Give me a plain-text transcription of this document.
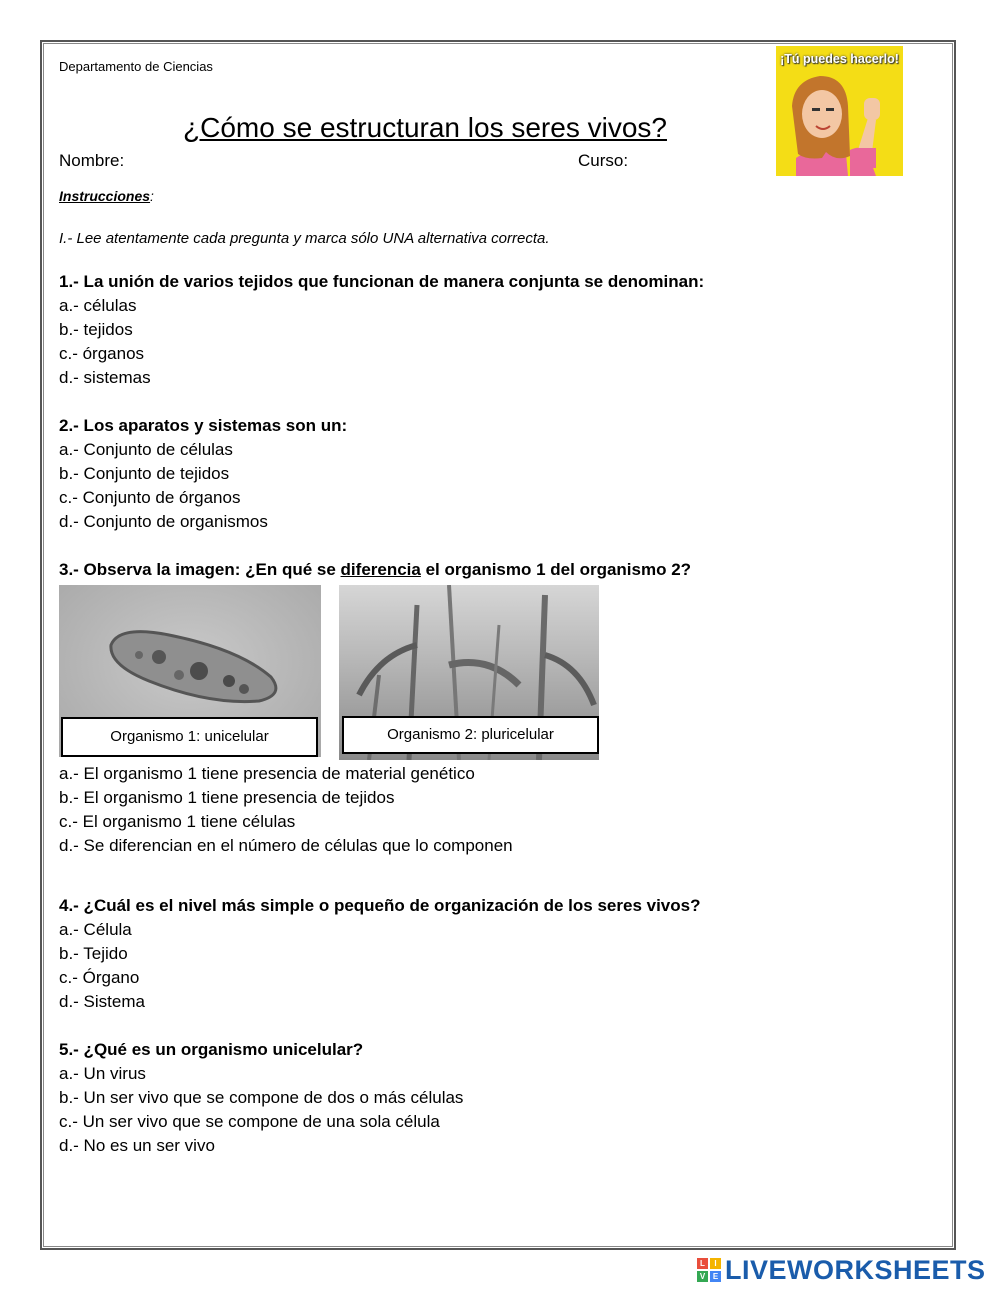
Departamento de Ciencias
¿Cómo se estructuran los seres vivos?
Nombre:	Curso:
¡Tú puedes hacerlo!
Instrucciones:
I.- Lee atentamente cada pregunta y marca sólo UNA alternativa correcta.
1.- La unión de varios tejidos que funcionan de manera conjunta se denominan:
a.- células
b.- tejidos
c.- órganos
d.- sistemas
2.- Los aparatos y sistemas son un:
a.- Conjunto de células
b.- Conjunto de tejidos
c.- Conjunto de órganos
d.- Conjunto de organismos
3.- Observa la imagen: ¿En qué se diferencia el organismo 1 del organismo 2?
Organismo 1: unicelular	Organismo 2: pluricelular
a.- El organismo 1 tiene presencia de material genético
b.- El organismo 1 tiene presencia de tejidos
c.- El organismo 1 tiene células
d.- Se diferencian en el número de células que lo componen
4.- ¿Cuál es el nivel más simple o pequeño de organización de los seres vivos?
a.- Célula
b.- Tejido
c.- Órgano
d.- Sistema
5.- ¿Qué es un organismo unicelular?
a.- Un virus
b.- Un ser vivo que se compone de dos o más células
c.- Un ser vivo que se compone de una sola célula
d.- No es un ser vivo
L	I
V E LIVEWORKSHEETS
